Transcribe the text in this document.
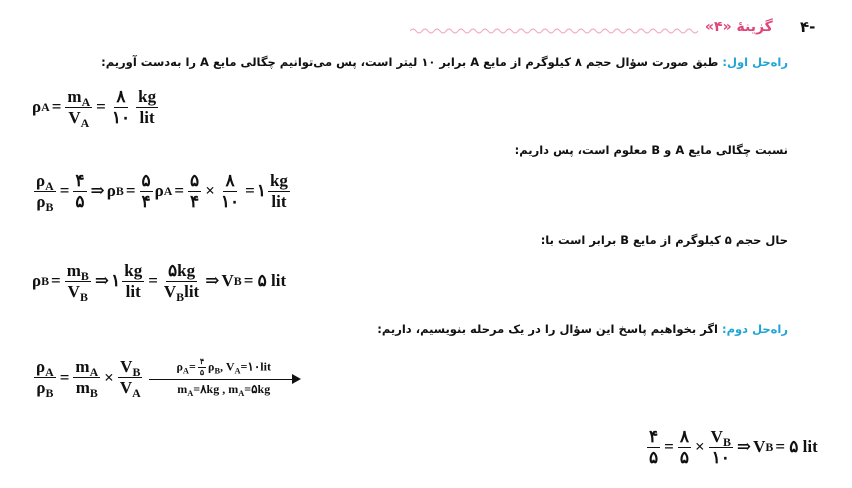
۴-
گزینهٔ «۴»
راه‌حل اول: طبق صورت سؤال حجم ۸ کیلوگرم از مایع A برابر ۱۰ لیتر است، پس می‌توانیم چگالی مایع A را به‌دست آوریم:
ρ $A = \frac{m_A}{V_A} = \frac{۸}{۱۰} \frac{kg}{\text{lit}}$
نسبت چگالی مایع A و B معلوم است، پس داریم:
$\frac{\rho_A}{\rho_B} = \frac{۴}{۵}$ ⇒ ρ $B = \frac{۵}{۴}$ ρ $A = \frac{۵}{۴} \times \frac{۸}{۱۰}$ = ۱ $\frac{kg}{\text{lit}}$
حال حجم ۵ کیلوگرم از مایع B برابر است با:
ρ $B = \frac{m_B}{V_B}$ ⇒ ۱ $\frac{kg}{\text{lit}} = \frac{۵kg}{V_Blit}$ ⇒ V B = ۵ lit
راه‌حل دوم: اگر بخواهیم پاسخ این سؤال را در یک مرحله بنویسیم، داریم:
$\frac{\rho_A}{\rho_B} = \frac{m_A}{m_B} \times \frac{V_B}{V_A}$	$\rho_A= \frac{۴}{۵} \rho_B$, $V_A=۱۰lit$
$m_A=۸kg$ , $m_A=۵kg$
$\frac{۴}{۵} = \frac{۸}{۵} \times \frac{V_B}{۱۰}$ ⇒ V B = ۵ lit
